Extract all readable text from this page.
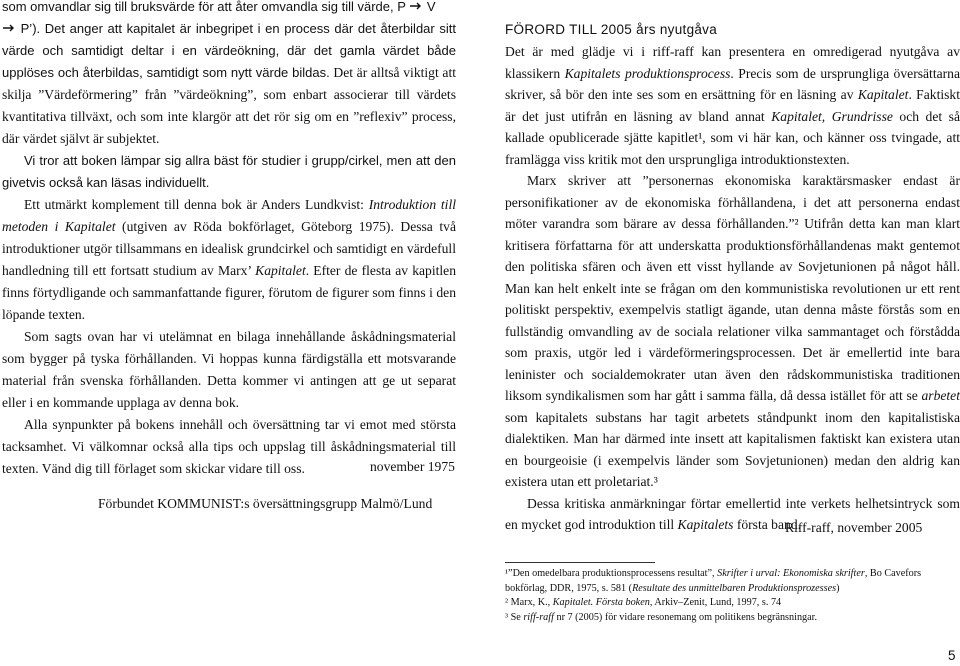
som omvandlar sig till bruksvärde för att åter omvandla sig till värde, P V
P’). Det anger att kapitalet är inbegripet i en process där det återbildar sitt värde och samtidigt deltar i en värdeökning, där det gamla värdet både upplöses och återbildas, samtidigt som nytt värde bildas. Det är alltså viktigt att skilja ”Värdeförmering” från ”värdeökning”, som enbart associerar till värdets kvantitativa tillväxt, och som inte klargör att det rör sig om en ”reflexiv” process, där värdet självt är subjektet.

Vi tror att boken lämpar sig allra bäst för studier i grupp/cirkel, men att den givetvis också kan läsas individuellt.

Ett utmärkt komplement till denna bok är Anders Lundkvist: Introduktion till metoden i Kapitalet (utgiven av Röda bokförlaget, Göteborg 1975). Dessa två introduktioner utgör tillsammans en idealisk grundcirkel och samtidigt en värdefull handledning till ett fortsatt studium av Marx’ Kapitalet. Efter de flesta av kapitlen finns förtydligande och sammanfattande figurer, förutom de figurer som finns i den löpande texten.

Som sagts ovan har vi utelämnat en bilaga innehållande åskådningsmaterial som bygger på tyska förhållanden. Vi hoppas kunna färdigställa ett motsvarande material från svenska förhållanden. Detta kommer vi antingen att ge ut separat eller i en kommande upplaga av denna bok.

Alla synpunkter på bokens innehåll och översättning tar vi emot med största tacksamhet. Vi välkomnar också alla tips och uppslag till åskådningsmaterial till texten. Vänd dig till förlaget som skickar vidare till oss.	november 1975
Förbundet KOMMUNIST:s översättningsgrupp Malmö/Lund
FÖRORD TILL 2005 års nyutgåva

Det är med glädje vi i riff-raff kan presentera en omredigerad nyutgåva av klassikern Kapitalets produktionsprocess. Precis som de ursprungliga översättarna skriver, så bör den inte ses som en ersättning för en läsning av Kapitalet. Faktiskt är det just utifrån en läsning av bland annat Kapitalet, Grundrisse och det så kallade opublicerade sjätte kapitlet¹, som vi här kan, och känner oss tvingade, att framlägga viss kritik mot den ursprungliga introduktionstexten.

Marx skriver att ”personernas ekonomiska karaktärsmasker endast är personifikationer av de ekonomiska förhållandena, i det att personerna endast möter varandra som bärare av dessa förhållanden.”² Utifrån detta kan man klart kritisera författarna för att underskatta produktionsförhållandenas makt gentemot den politiska sfären och även ett visst hyllande av Sovjetunionen på något håll. Man kan helt enkelt inte se frågan om den kommunistiska revolutionen ur ett rent politiskt perspektiv, exempelvis statligt ägande, utan denna måste förstås som en fullständig omvandling av de sociala relationer vilka sammantaget och förstådda som praxis, utgör led i värdeförmeringsprocessen. Det är emellertid inte bara leninister och socialdemokrater utan även den rådskommunistiska traditionen liksom syndikalismen som har gått i samma fälla, då dessa istället för att se arbetet som kapitalets substans har tagit arbetets ståndpunkt inom den kapitalistiska dialektiken. Man har därmed inte insett att kapitalismen faktiskt kan existera utan en bourgeoisie (i exempelvis länder som Sovjetunionen) medan den aldrig kan existera utan ett proletariat.³

Dessa kritiska anmärkningar förtar emellertid inte verkets helhetsintryck som en mycket god introduktion till Kapitalets första band.

Riff-raff, november 2005
¹”Den omedelbara produktionsprocessens resultat”, Skrifter i urval: Ekonomiska skrifter, Bo Cavefors bokförlag, DDR, 1975, s. 581 (Resultate des unmittelbaren Produktionsprozesses)
² Marx, K., Kapitalet. Första boken, Arkiv–Zenit, Lund, 1997, s. 74
³ Se riff-raff nr 7 (2005) för vidare resonemang om politikens begränsningar.
5
